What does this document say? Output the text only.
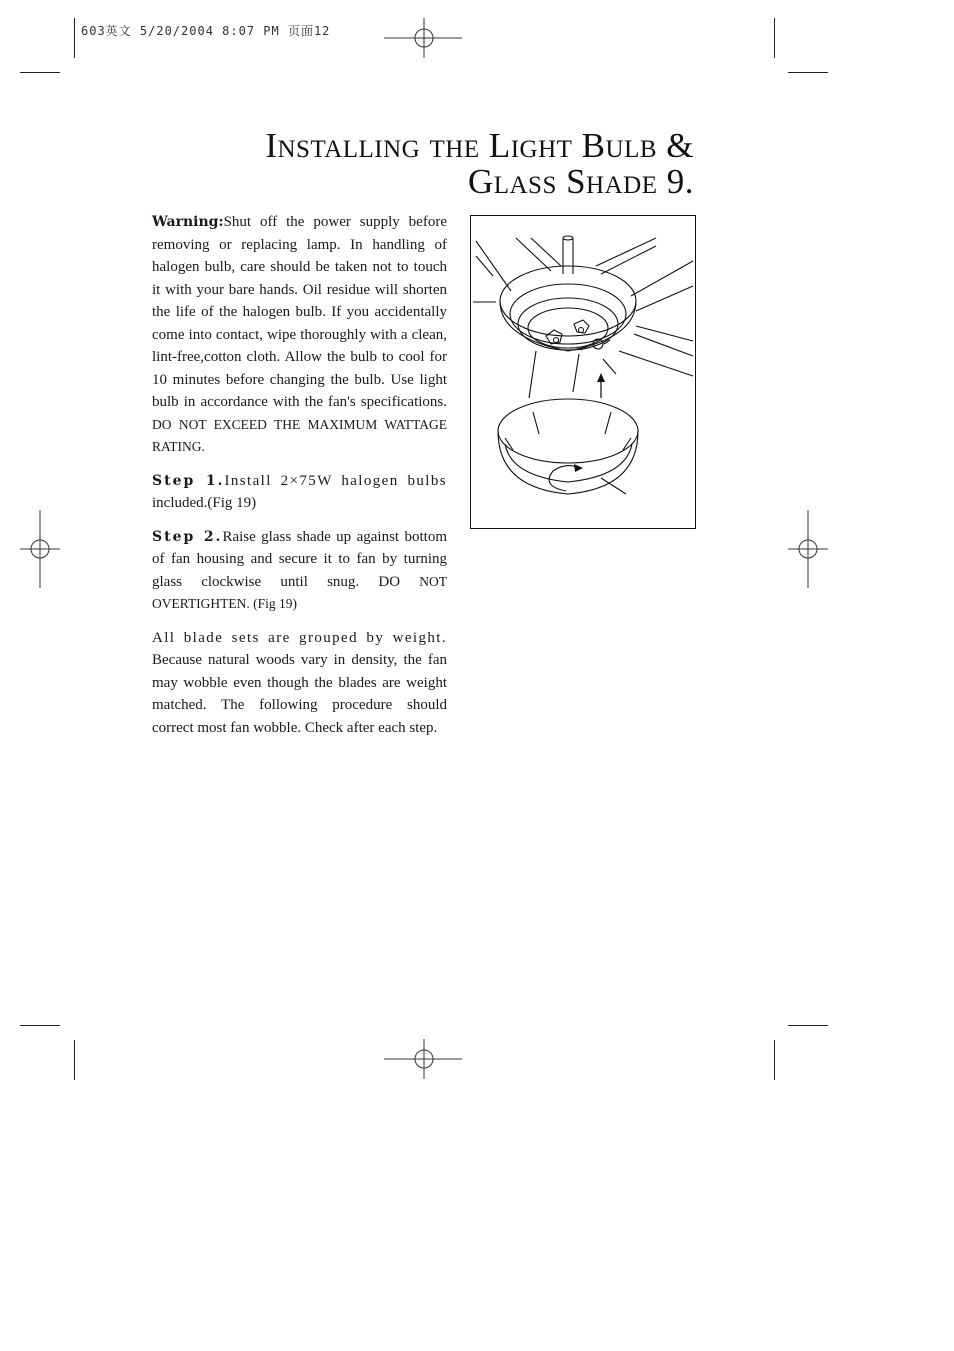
603英文 5/20/2004 8:07 PM 页面12
Installing the Light Bulb &
Glass Shade 9.

Warning:Shut off the power supply before removing or replacing lamp. In handling of halogen bulb, care should be taken not to touch it with your bare hands. Oil residue will shorten the life of the halogen bulb. If you accidentally come into contact, wipe thoroughly with a clean, lint-free,cotton cloth. Allow the bulb to cool for 10 minutes before changing the bulb. Use light bulb in accordance with the fan's specifications. DO NOT EXCEED THE MAXIMUM WATTAGE RATING.

Step 1.Install 2×75W halogen bulbs included.(Fig 19)

Step 2.Raise glass shade up against bottom of fan housing and secure it to fan by turning glass clockwise until snug. DO NOT OVERTIGHTEN. (Fig 19)

All blade sets are grouped by weight. Because natural woods vary in density, the fan may wobble even though the blades are weight matched. The following procedure should correct most fan wobble. Check after each step.
